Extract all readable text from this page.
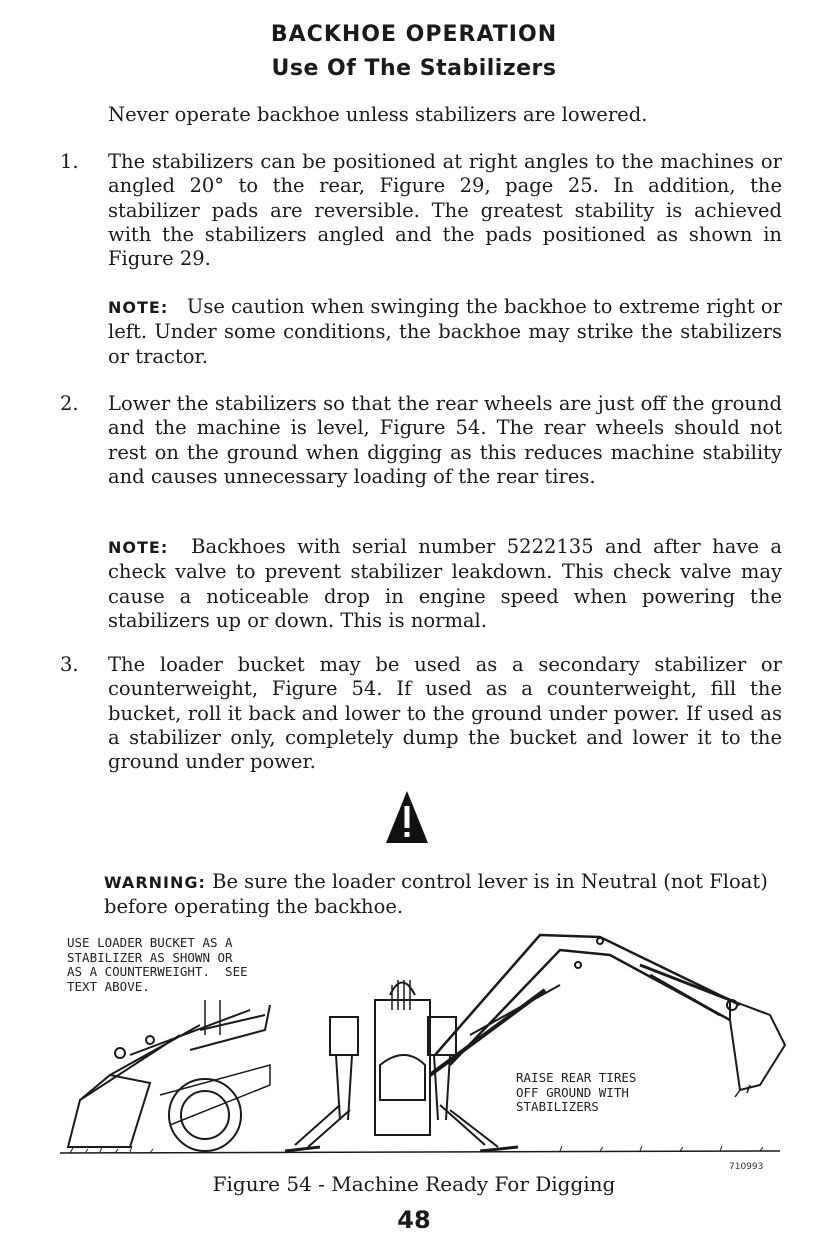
BACKHOE OPERATION
Use Of The Stabilizers

Never operate backhoe unless stabilizers are lowered.

1. The stabilizers can be positioned at right angles to the machines or angled 20° to the rear, Figure 29, page 25. In addition, the stabilizer pads are reversible. The greatest stability is achieved with the stabilizers angled and the pads positioned as shown in Figure 29.

NOTE: Use caution when swinging the backhoe to extreme right or left. Under some conditions, the backhoe may strike the stabilizers or tractor.

2. Lower the stabilizers so that the rear wheels are just off the ground and the machine is level, Figure 54. The rear wheels should not rest on the ground when digging as this reduces machine stability and causes unnecessary loading of the rear tires.

NOTE: Backhoes with serial number 5222135 and after have a check valve to prevent stabilizer leakdown. This check valve may cause a noticeable drop in engine speed when powering the stabilizers up or down. This is normal.

3. The loader bucket may be used as a secondary stabilizer or counterweight, Figure 54. If used as a counterweight, fill the bucket, roll it back and lower to the ground under power. If used as a stabilizer only, completely dump the bucket and lower it to the ground under power.

WARNING: Be sure the loader control lever is in Neutral (not Float) before operating the backhoe.

USE LOADER BUCKET AS A
STABILIZER AS SHOWN OR
AS A COUNTERWEIGHT.  SEE
TEXT ABOVE.
RAISE REAR TIRES
OFF GROUND WITH
STABILIZERS
710993
Figure 54 - Machine Ready For Digging
48
